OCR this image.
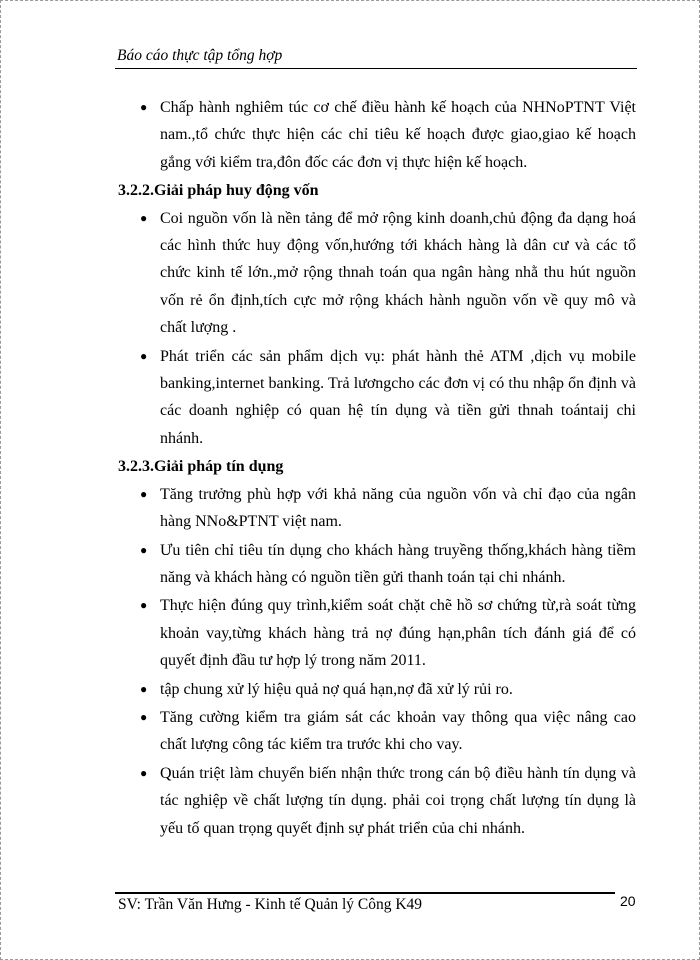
Báo cáo thực tập tổng hợp
● Chấp hành nghiêm túc cơ chế điều hành kế hoạch của NHNoPTNT Việt nam.,tổ chức thực hiện các chỉ tiêu kế hoạch được giao,giao kế hoạch gắng với kiểm tra,đôn đốc các đơn vị thực hiện kế hoạch.
3.2.2.Giải pháp huy động vốn
● Coi nguồn vốn là nền tảng để mở rộng kinh doanh,chủ động đa dạng hoá các hình thức huy động vốn,hướng tới khách hàng là dân cư và các tổ chức kinh tế lớn.,mở rộng thnah toán qua ngân hàng nhằ thu hút nguồn vốn rẻ ổn định,tích cực mở rộng khách hành nguồn vốn về quy mô và chất lượng .
● Phát triển các sản phẩm dịch vụ: phát hành thẻ ATM ,dịch vụ mobile banking,internet banking. Trả lươngcho các đơn vị có thu nhập ổn định và các doanh nghiệp có quan hệ tín dụng và tiền gửi thnah toántaij chi nhánh.
3.2.3.Giải pháp tín dụng
● Tăng trưởng phù hợp với khả năng của nguồn vốn và chỉ đạo của ngân hàng NNo&PTNT việt nam.
● Ưu tiên chỉ tiêu tín dụng cho khách hàng truyềng thống,khách hàng tiềm năng và khách hàng có nguồn tiền gửi thanh toán tại chi nhánh.
● Thực hiện đúng quy trình,kiểm soát chặt chẽ hồ sơ chứng từ,rà soát từng khoản vay,từng khách hàng trả nợ đúng hạn,phân tích đánh giá để có quyết định đầu tư hợp lý trong năm 2011.
● tập chung xử lý hiệu quả nợ quá hạn,nợ đã xử lý rủi ro.
● Tăng cường kiểm tra giám sát các khoản vay thông qua việc nâng cao chất lượng công tác kiểm tra trước khi cho vay.
● Quán triệt làm chuyển biến nhận thức trong cán bộ điều hành tín dụng và tác nghiệp về chất lượng tín dụng. phải coi trọng chất lượng tín dụng là yếu tố quan trọng quyết định sự phát triển của chi nhánh.
SV: Trần Văn Hưng - Kinh tế Quản lý Công K49	20
